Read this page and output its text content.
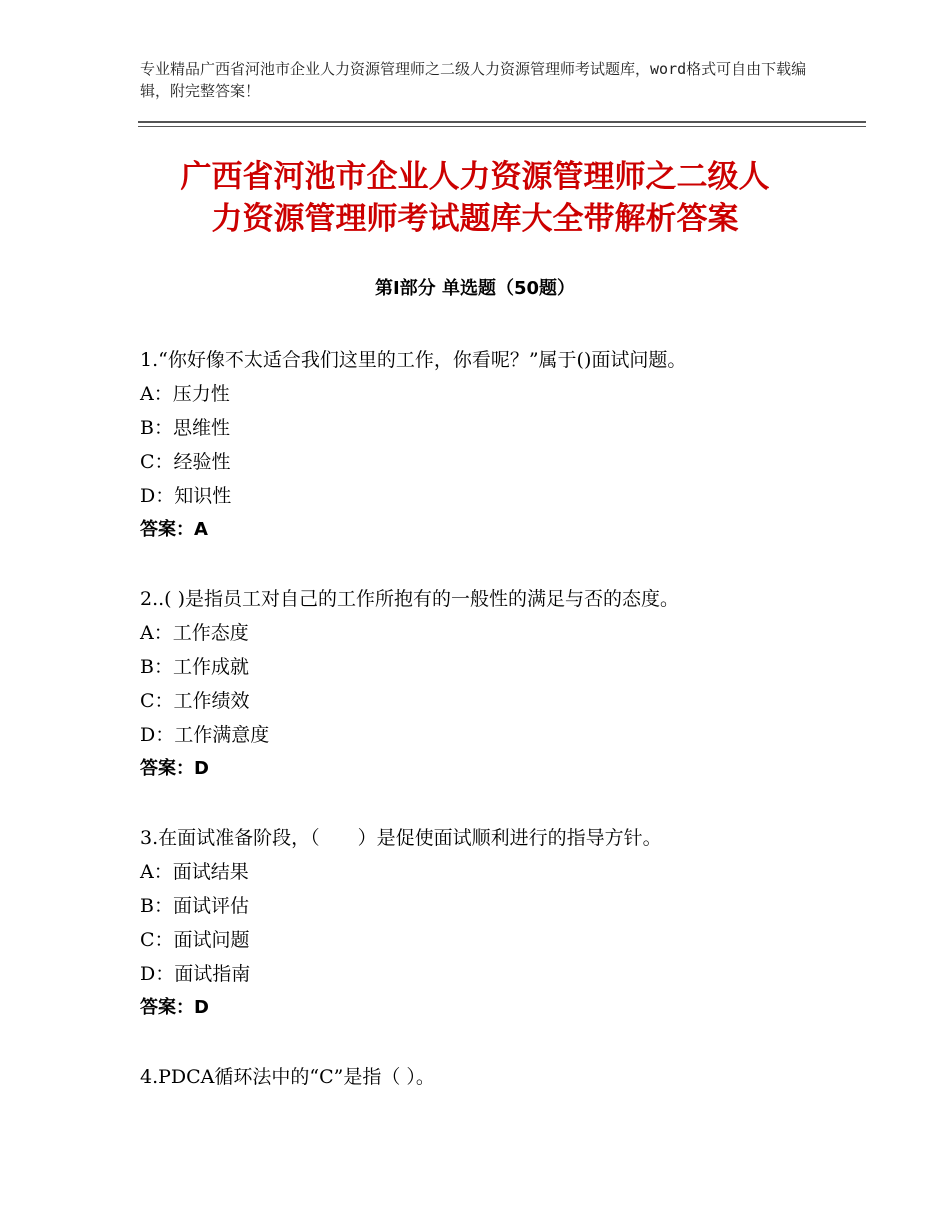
专业精品广西省河池市企业人力资源管理师之二级人力资源管理师考试题库，word格式可自由下载编辑，附完整答案！
广西省河池市企业人力资源管理师之二级人
力资源管理师考试题库大全带解析答案
第Ⅰ部分 单选题（50题）
1.“你好像不太适合我们这里的工作，你看呢？”属于()面试问题。
A：压力性
B：思维性
C：经验性
D：知识性
答案：A
2..( )是指员工对自己的工作所抱有的一般性的满足与否的态度。
A：工作态度
B：工作成就
C：工作绩效
D：工作满意度
答案：D
3.在面试准备阶段，（　　）是促使面试顺利进行的指导方针。
A：面试结果
B：面试评估
C：面试问题
D：面试指南
答案：D
4.PDCA循环法中的“C”是指（ ）。
